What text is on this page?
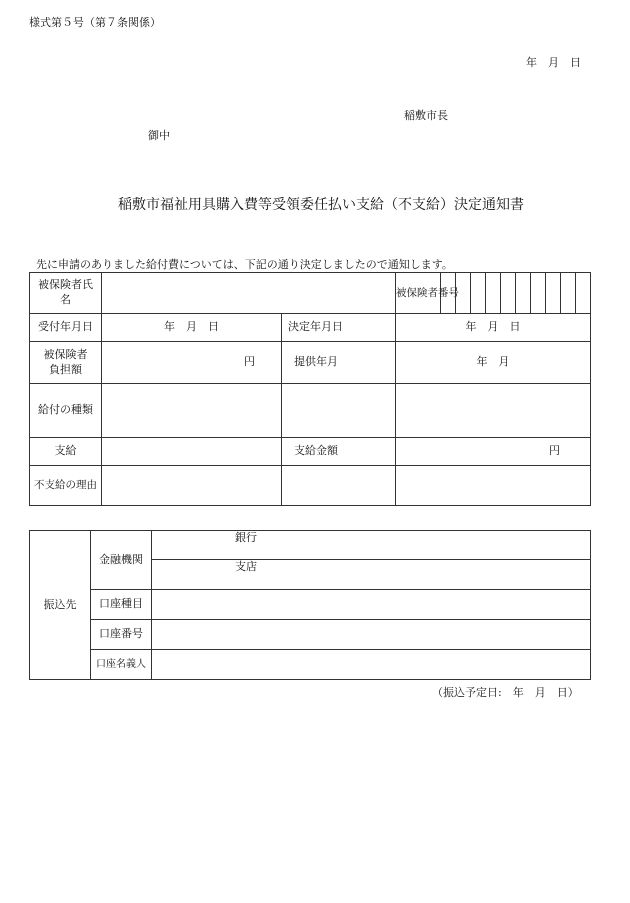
様式第５号（第７条関係）
年　月　日
稲敷市長
御中
稲敷市福祉用具購入費等受領委任払い支給（不支給）決定通知書
先に申請のありました給付費については、下記の通り決定しましたので通知します。
被保険者氏
名			被保険者番号	

受付年月日	年　月　日	決定年月日	年　月　日	

被保険者
負担額	円	提供年月	年　月	
給付の種類				
支給		支給金額	円	
不支給の理由				
振込先	金融機関	銀行
		支店
	口座種目	
	口座番号	
	口座名義人	
（振込予定日:　年　月　日）
